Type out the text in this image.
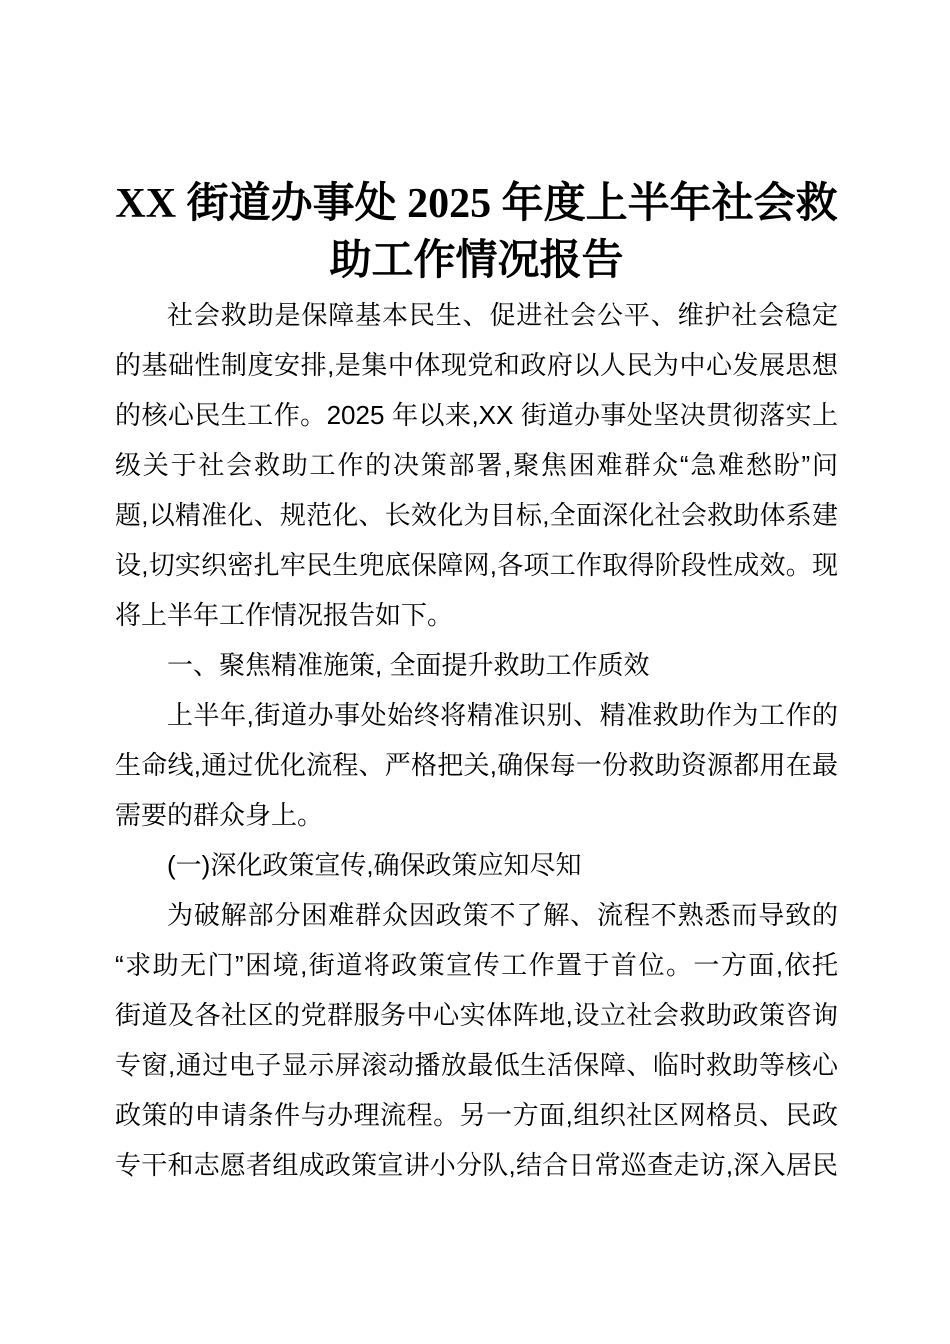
XX 街道办事处 2025 年度上半年社会救
助工作情况报告
社会救助是保障基本民生、促进社会公平、维护社会稳定
的基础性制度安排,是集中体现党和政府以人民为中心发展思想
的核心民生工作。2025 年以来,XX 街道办事处坚决贯彻落实上
级关于社会救助工作的决策部署,聚焦困难群众“急难愁盼”问
题,以精准化、规范化、长效化为目标,全面深化社会救助体系建
设,切实织密扎牢民生兜底保障网,各项工作取得阶段性成效。现
将上半年工作情况报告如下。
一、聚焦精准施策, 全面提升救助工作质效
上半年,街道办事处始终将精准识别、精准救助作为工作的
生命线,通过优化流程、严格把关,确保每一份救助资源都用在最
需要的群众身上。
(一)深化政策宣传,确保政策应知尽知
为破解部分困难群众因政策不了解、流程不熟悉而导致的
“求助无门”困境,街道将政策宣传工作置于首位。一方面,依托
街道及各社区的党群服务中心实体阵地,设立社会救助政策咨询
专窗,通过电子显示屏滚动播放最低生活保障、临时救助等核心
政策的申请条件与办理流程。另一方面,组织社区网格员、民政
专干和志愿者组成政策宣讲小分队,结合日常巡查走访,深入居民
